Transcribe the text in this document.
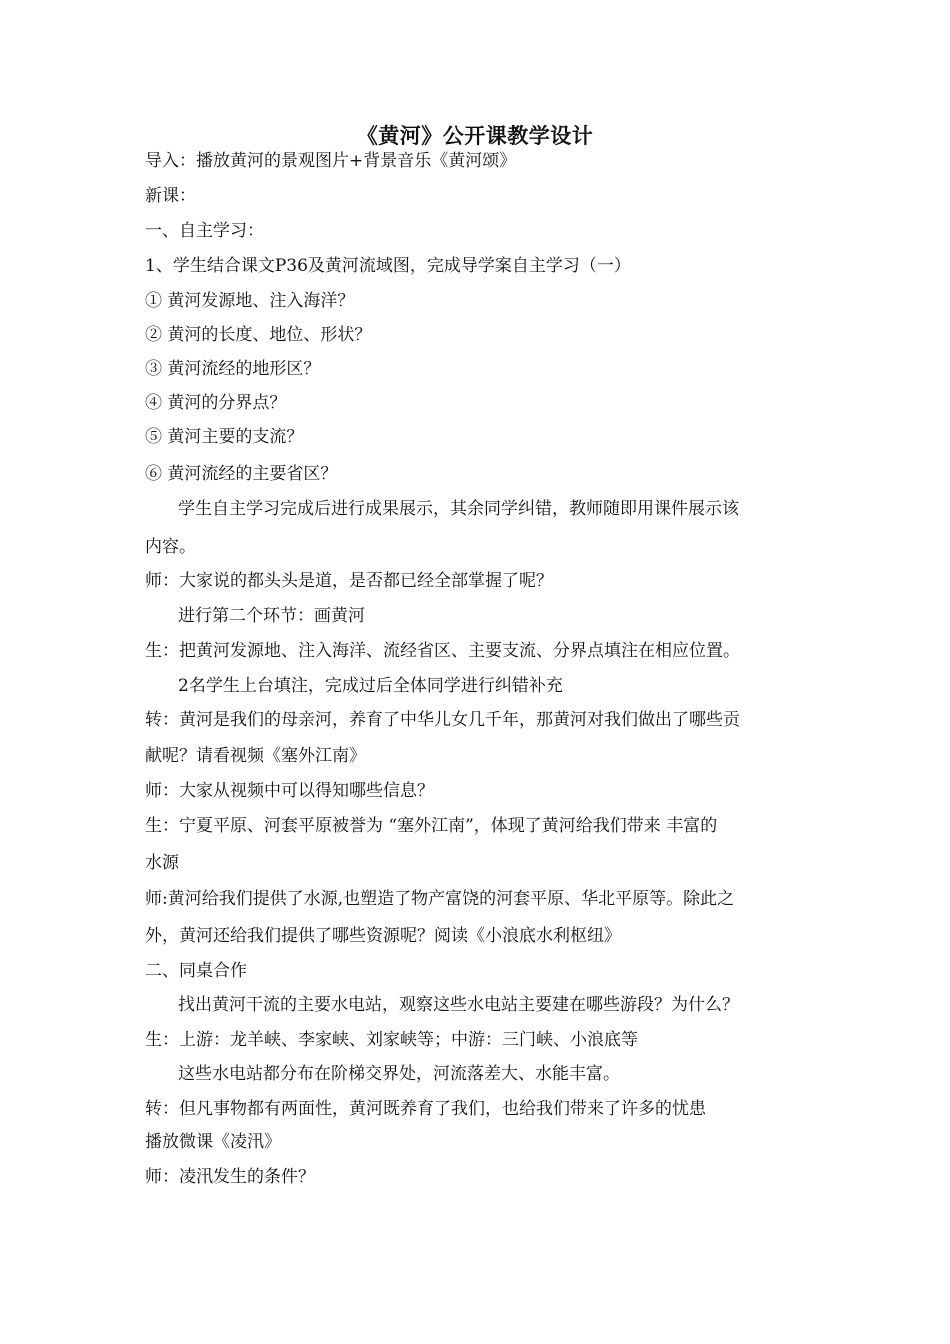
《黄河》公开课教学设计
导入：播放黄河的景观图片+背景音乐《黄河颂》
新课：
一、自主学习：
1、学生结合课文P36及黄河流域图，完成导学案自主学习（一）
① 黄河发源地、注入海洋？
② 黄河的长度、地位、形状？
③ 黄河流经的地形区？
④ 黄河的分界点？
⑤ 黄河主要的支流？
⑥ 黄河流经的主要省区？
学生自主学习完成后进行成果展示，其余同学纠错，教师随即用课件展示该
内容。
师：大家说的都头头是道，是否都已经全部掌握了呢？
进行第二个环节：画黄河
生：把黄河发源地、注入海洋、流经省区、主要支流、分界点填注在相应位置。
2名学生上台填注，完成过后全体同学进行纠错补充
转：黄河是我们的母亲河，养育了中华儿女几千年，那黄河对我们做出了哪些贡
献呢？请看视频《塞外江南》
师：大家从视频中可以得知哪些信息？
生：宁夏平原、河套平原被誉为 “塞外江南”，体现了黄河给我们带来 丰富的
水源
师:黄河给我们提供了水源,也塑造了物产富饶的河套平原、华北平原等。除此之
外，黄河还给我们提供了哪些资源呢？阅读《小浪底水利枢纽》
二、同桌合作
找出黄河干流的主要水电站，观察这些水电站主要建在哪些游段？为什么？
生：上游：龙羊峡、李家峡、刘家峡等；中游：三门峡、小浪底等
这些水电站都分布在阶梯交界处，河流落差大、水能丰富。
转：但凡事物都有两面性，黄河既养育了我们，也给我们带来了许多的忧患
播放微课《凌汛》
师：凌汛发生的条件？
